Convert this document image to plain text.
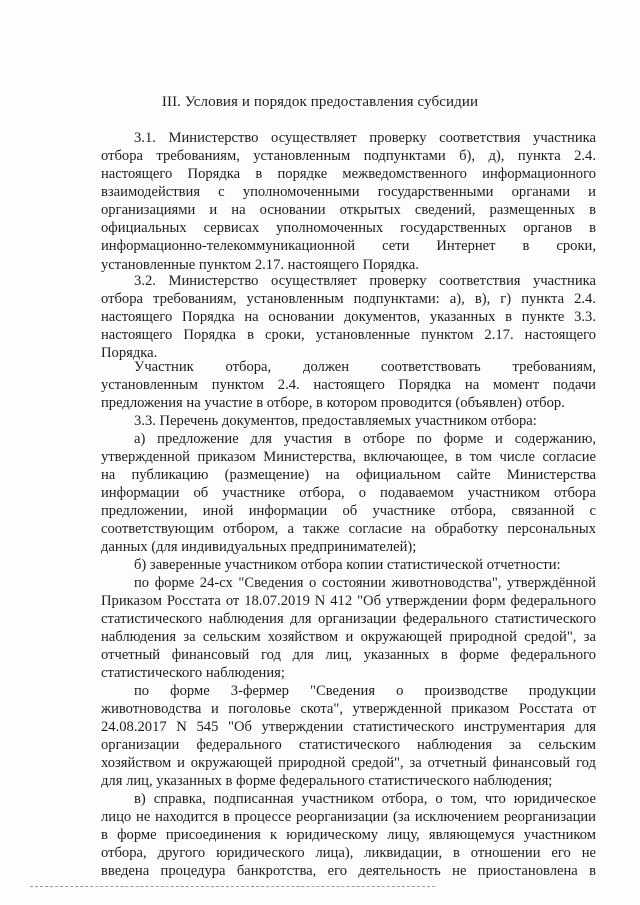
III. Условия и порядок предоставления субсидии
3.1. Министерство осуществляет проверку соответствия участника
отбора требованиям, установленным подпунктами б), д), пункта 2.4.
настоящего Порядка в порядке межведомственного информационного
взаимодействия с уполномоченными государственными органами и
организациями и на основании открытых сведений, размещенных в
официальных сервисах уполномоченных государственных органов в
информационно-телекоммуникационной сети Интернет в сроки,
установленные пунктом 2.17. настоящего Порядка.
3.2. Министерство осуществляет проверку соответствия участника
отбора требованиям, установленным подпунктами: а), в), г) пункта 2.4.
настоящего Порядка на основании документов, указанных в пункте 3.3.
настоящего Порядка в сроки, установленные пунктом 2.17. настоящего
Порядка.
Участник отбора, должен соответствовать требованиям,
установленным пунктом 2.4. настоящего Порядка на момент подачи
предложения на участие в отборе, в котором проводится (объявлен) отбор.
3.3. Перечень документов, предоставляемых участником отбора:
а) предложение для участия в отборе по форме и содержанию,
утвержденной приказом Министерства, включающее, в том числе согласие
на публикацию (размещение) на официальном сайте Министерства
информации об участнике отбора, о подаваемом участником отбора
предложении, иной информации об участнике отбора, связанной с
соответствующим отбором, а также согласие на обработку персональных
данных (для индивидуальных предпринимателей);
б) заверенные участником отбора копии статистической отчетности:
по форме 24-сх "Сведения о состоянии животноводства", утверждённой
Приказом Росстата от 18.07.2019 N 412 "Об утверждении форм федерального
статистического наблюдения для организации федерального статистического
наблюдения за сельским хозяйством и окружающей природной средой", за
отчетный финансовый год для лиц, указанных в форме федерального
статистического наблюдения;
по форме 3-фермер "Сведения о производстве продукции
животноводства и поголовье скота", утвержденной приказом Росстата от
24.08.2017 N 545 "Об утверждении статистического инструментария для
организации федерального статистического наблюдения за сельским
хозяйством и окружающей природной средой", за отчетный финансовый год
для лиц, указанных в форме федерального статистического наблюдения;
в) справка, подписанная участником отбора, о том, что юридическое
лицо не находится в процессе реорганизации (за исключением реорганизации
в форме присоединения к юридическому лицу, являющемуся участником
отбора, другого юридического лица), ликвидации, в отношении его не
введена процедура банкротства, его деятельность не приостановлена в
